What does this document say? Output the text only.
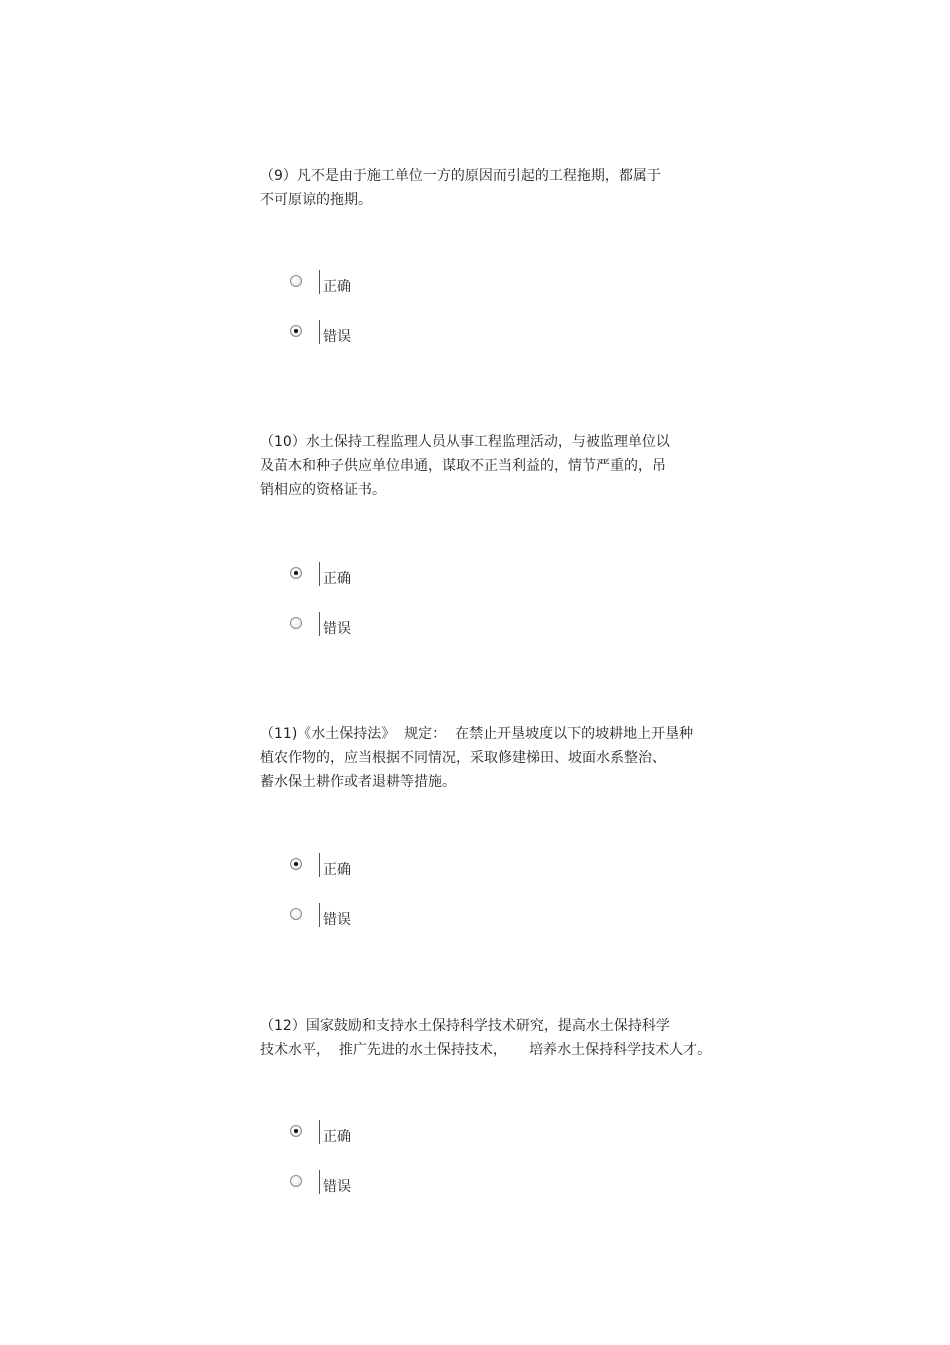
（9）凡不是由于施工单位一方的原因而引起的工程拖期，都属于
不可原谅的拖期。
正确
错误
（10）水土保持工程监理人员从事工程监理活动，与被监理单位以
及苗木和种子供应单位串通，谋取不正当利益的，情节严重的，吊
销相应的资格证书。
正确
错误
（11)《水土保持法》  规定：  在禁止开垦坡度以下的坡耕地上开垦种
植农作物的，应当根据不同情况，采取修建梯田、坡面水系整治、
蓄水保土耕作或者退耕等措施。
正确
错误
（12）国家鼓励和支持水土保持科学技术研究，提高水土保持科学
技术水平，  推广先进的水土保持技术，     培养水土保持科学技术人才。
正确
错误
